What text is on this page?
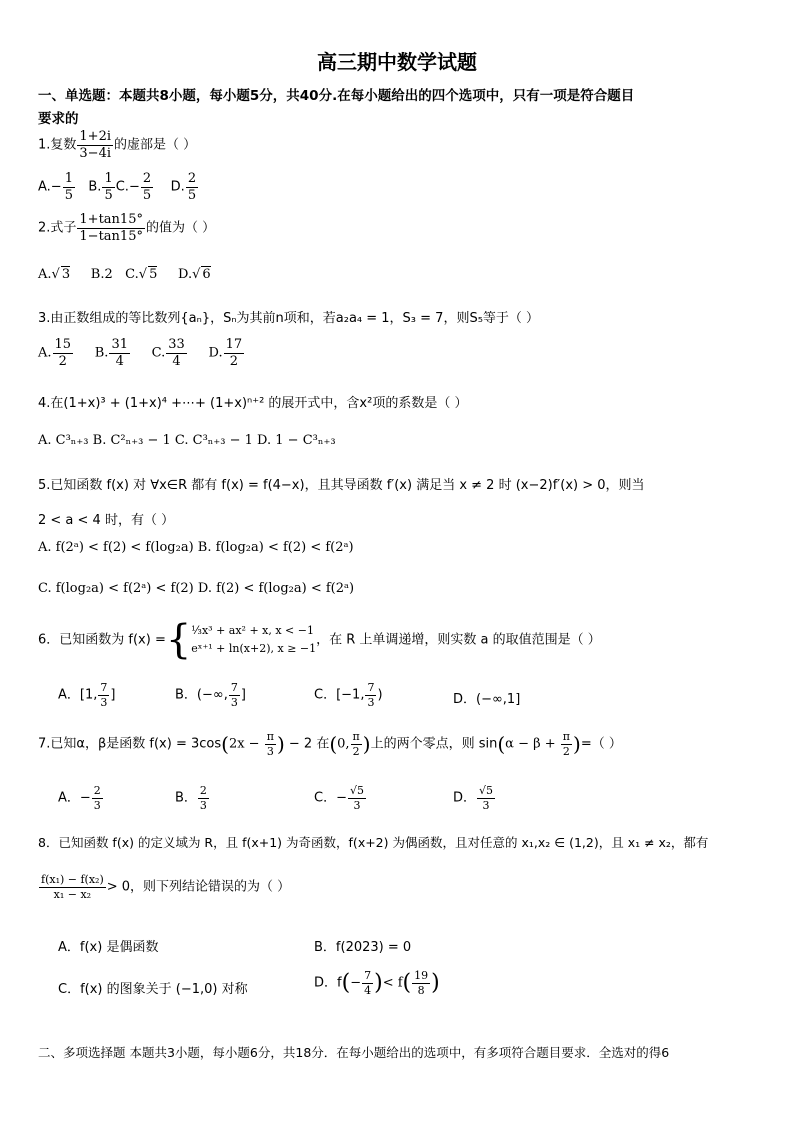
高三期中数学试题
一、单选题：本题共8小题，每小题5分，共40分.在每小题给出的四个选项中，只有一项是符合题目
要求的
1.复数 $\frac{1+2i}{3-4i}$ 的虚部是（ ）
$A.- \frac{1}{5} B$. $\frac{1}{5} C.- \frac{2}{5} D$. $\frac{2}{5}$
2.式子 $\frac{1+\tan 15^\circ}{1-\tan 15^\circ}$ 的值为（ ）
A.√ 3 B.2 C.√ 5 D.√ 6
3.由正数组成的等比数列{aₙ}，Sₙ为其前n项和，若a₂a₄ = 1，S₃ = 7，则S₅等于（ ）
A. $\frac{15}{2} B$. $\frac{31}{4} C$. $\frac{33}{4} D$. $\frac{17}{2}$
4.在(1+x)³ + (1+x)⁴ +⋯+ (1+x)ⁿ⁺² 的展开式中，含x²项的系数是（ ）
A. C³ₙ₊₃ B. C²ₙ₊₃ − 1 C. C³ₙ₊₃ − 1 D. 1 − C³ₙ₊₃
5.已知函数 f(x) 对 ∀x∈R 都有 f(x) = f(4−x)，且其导函数 f′(x) 满足当 x ≠ 2 时 (x−2)f′(x) > 0，则当
2 < a < 4 时，有（ ）
A. f(2ᵃ) < f(2) < f(log₂a) B. f(log₂a) < f(2) < f(2ᵃ)
C. f(log₂a) < f(2ᵃ) < f(2) D. f(2) < f(log₂a) < f(2ᵃ)
6．已知函数为 f(x) ={⅓x³ + ax² + x, x < −1
eˣ⁺¹ + ln(x+2), x ≥ −1，在 R 上单调递增，则实数 a 的取值范围是（ ）
A．[1, $\frac{7}{3}$ ]	B．(−∞, $\frac{7}{3}$ ]	C．[−1, $\frac{7}{3}$ )	D．(−∞,1]
7.已知α，β是函数 $f(x) = 3\cos(2x - \frac{\pi}{3}$ ) − 2 在(0, $\frac{\pi}{2}$ )上的两个零点，则 $\sin(\alpha - \beta + \frac{\pi}{2}$ )=（ ）
A．− $\frac{2}{3}$	B． $\frac{2}{3}$	C．− $\frac{√5}{3}$	D． $\frac{√5}{3}$
8．已知函数 f(x) 的定义域为 R，且 f(x+1) 为奇函数，f(x+2) 为偶函数，且对任意的 x₁,x₂ ∈ (1,2)，且 x₁ ≠ x₂，都有
$\frac{\text{f(x₁) − f(x₂)}}{\text{x₁ − x₂}} > 0$，则下列结论错误的为（ ）
A．f(x) 是偶函数	B．f(2023) = 0
C．f(x) 的图象关于 (−1,0) 对称	D．$f(- \frac{7}{4}$ )< $f( \frac{19}{8}$ )
二、多项选择题 本题共3小题，每小题6分，共18分．在每小题给出的选项中，有多项符合题目要求．全选对的得6
